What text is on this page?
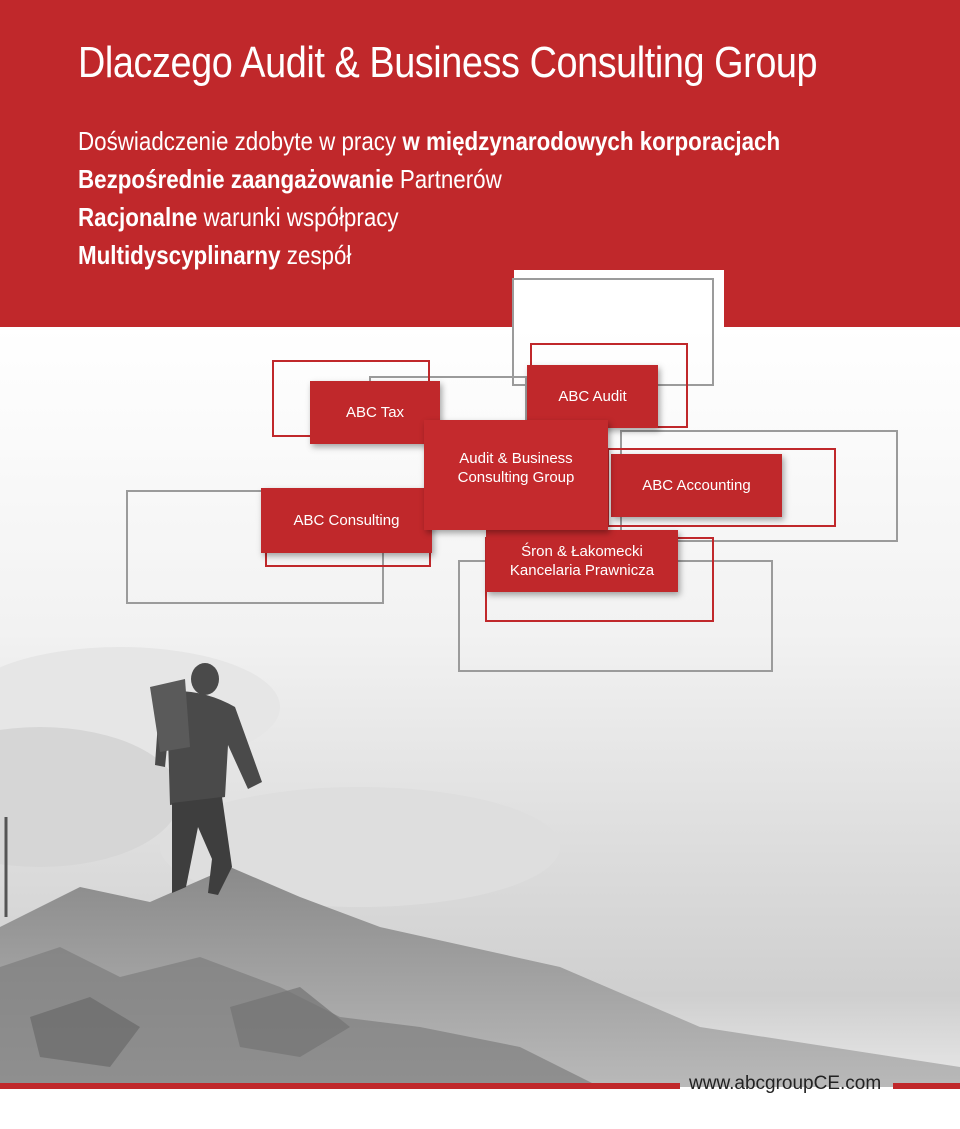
Dlaczego Audit & Business Consulting Group
Doświadczenie zdobyte w pracy w międzynarodowych korporacjach
Bezpośrednie zaangażowanie Partnerów
Racjonalne warunki współpracy
Multidyscyplinarny zespół
ABC Tax
ABC Audit
ABC Accounting
ABC Consulting
Śron & Łakomecki
Kancelaria Prawnicza
Audit & Business
Consulting Group
www.abcgroupCE.com
